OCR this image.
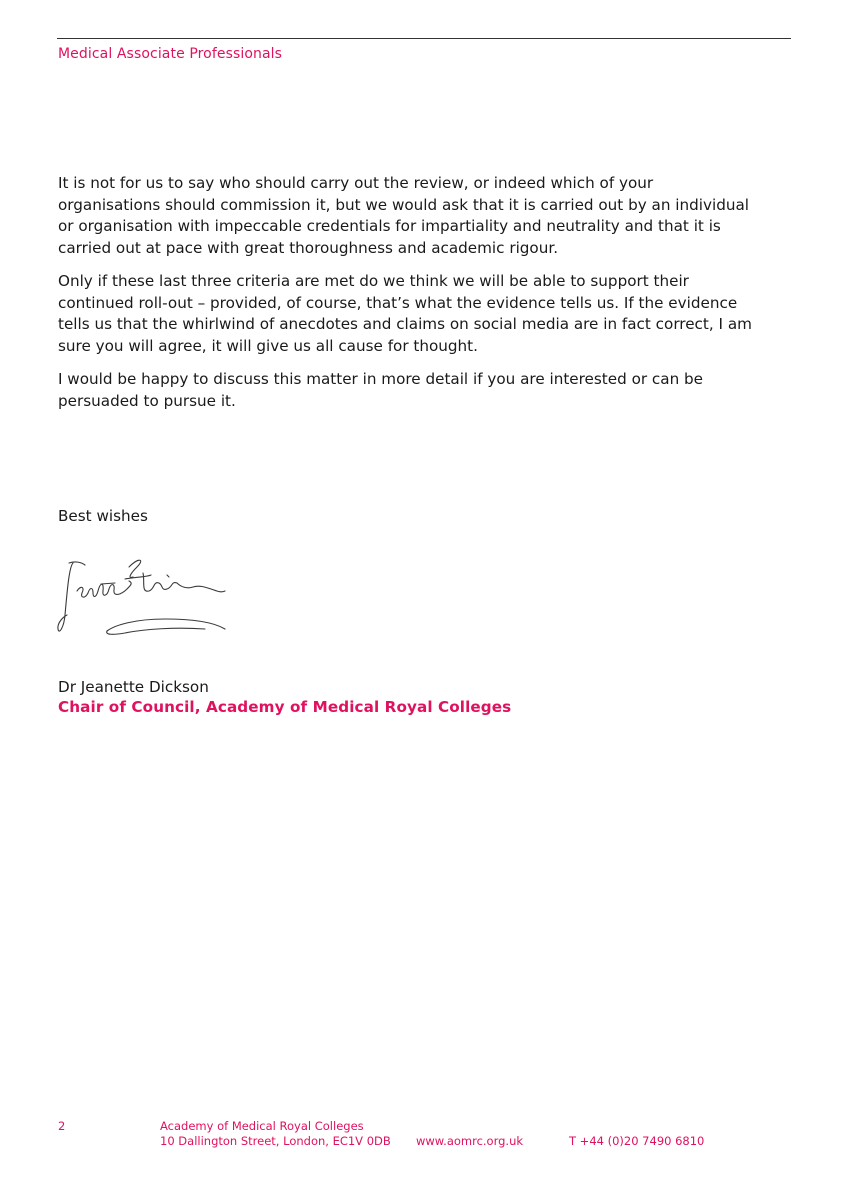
Medical Associate Professionals

It is not for us to say who should carry out the review, or indeed which of your organisations should commission it, but we would ask that it is carried out by an individual or organisation with impeccable credentials for impartiality and neutrality and that it is carried out at pace with great thoroughness and academic rigour.

Only if these last three criteria are met do we think we will be able to support their continued roll-out – provided, of course, that’s what the evidence tells us. If the evidence tells us that the whirlwind of anecdotes and claims on social media are in fact correct, I am sure you will agree, it will give us all cause for thought.

I would be happy to discuss this matter in more detail if you are interested or can be persuaded to pursue it.

Best wishes
Dr Jeanette Dickson
Chair of Council, Academy of Medical Royal Colleges
2	Academy of Medical Royal Colleges
10 Dallington Street, London, EC1V 0DB www.aomrc.org.uk	T +44 (0)20 7490 6810
